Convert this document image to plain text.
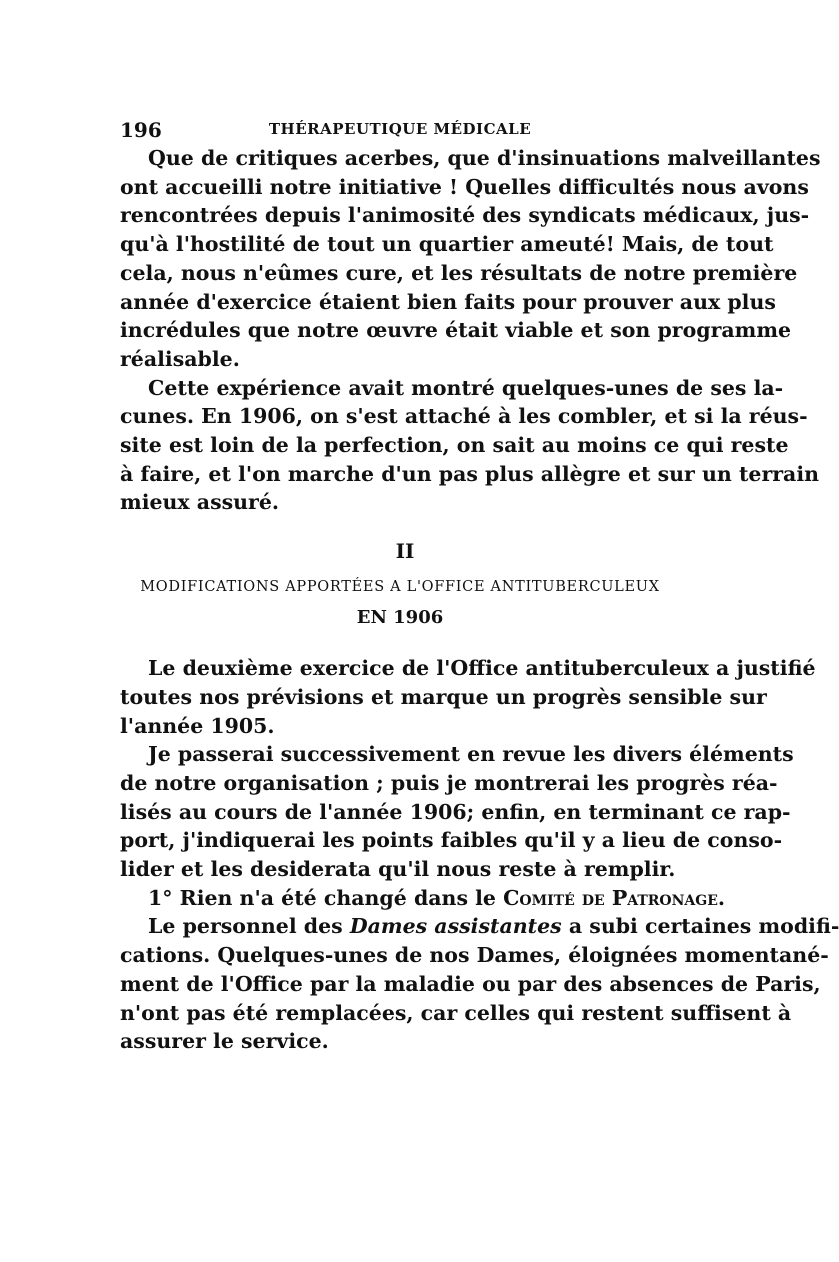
196	THÉRAPEUTIQUE MÉDICALE
Que de critiques acerbes, que d'insinuations malveillantes
ont accueilli notre initiative ! Quelles difficultés nous avons
rencontrées depuis l'animosité des syndicats médicaux, jus-
qu'à l'hostilité de tout un quartier ameuté! Mais, de tout
cela, nous n'eûmes cure, et les résultats de notre première
année d'exercice étaient bien faits pour prouver aux plus
incrédules que notre œuvre était viable et son programme
réalisable.
Cette expérience avait montré quelques-unes de ses la-
cunes. En 1906, on s'est attaché à les combler, et si la réus-
site est loin de la perfection, on sait au moins ce qui reste
à faire, et l'on marche d'un pas plus allègre et sur un terrain
mieux assuré.
II
MODIFICATIONS APPORTÉES A L'OFFICE ANTITUBERCULEUX
EN 1906
Le deuxième exercice de l'Office antituberculeux a justifié
toutes nos prévisions et marque un progrès sensible sur
l'année 1905.
Je passerai successivement en revue les divers éléments
de notre organisation ; puis je montrerai les progrès réa-
lisés au cours de l'année 1906; enfin, en terminant ce rap-
port, j'indiquerai les points faibles qu'il y a lieu de conso-
lider et les desiderata qu'il nous reste à remplir.
1° Rien n'a été changé dans le Comité de Patronage.
Le personnel des Dames assistantes a subi certaines modifi-
cations. Quelques-unes de nos Dames, éloignées momentané-
ment de l'Office par la maladie ou par des absences de Paris,
n'ont pas été remplacées, car celles qui restent suffisent à
assurer le service.
